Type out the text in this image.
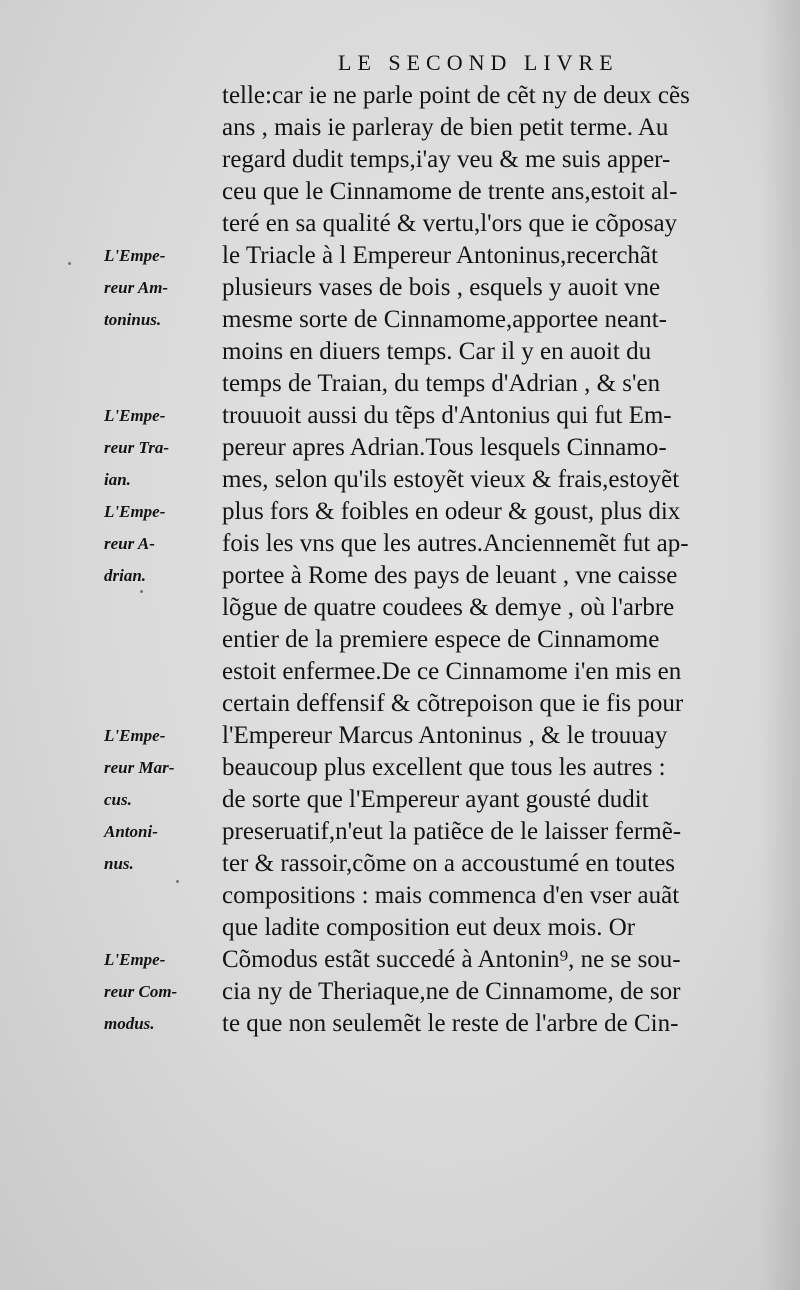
LE SECOND LIVRE
telle:car ie ne parle point de cẽt ny de deux cẽs
ans , mais ie parleray de bien petit terme. Au
regard dudit temps,i'ay veu & me suis apper-
ceu que le Cinnamome de trente ans,estoit al-
teré en sa qualité & vertu,l'ors que ie cõposay
le Triacle à l Empereur Antoninus,recerchãt
plusieurs vases de bois , esquels y auoit vne
mesme sorte de Cinnamome,apportee neant-
moins en diuers temps. Car il y en auoit du
temps de Traian, du temps d'Adrian , & s'en
trouuoit aussi du tẽps d'Antonius qui fut Em-
pereur apres Adrian.Tous lesquels Cinnamo-
mes, selon qu'ils estoyẽt vieux & frais,estoyẽt
plus fors & foibles en odeur & goust, plus dix
fois les vns que les autres.Anciennemẽt fut ap-
portee à Rome des pays de leuant , vne caisse
lõgue de quatre coudees & demye , où l'arbre
entier de la premiere espece de Cinnamome
estoit enfermee.De ce Cinnamome i'en mis en
certain deffensif & cõtrepoison que ie fis pour
l'Empereur Marcus Antoninus , & le trouuay
beaucoup plus excellent que tous les autres :
de sorte que l'Empereur ayant gousté dudit
preseruatif,n'eut la patiẽce de le laisser fermẽ-
ter & rassoir,cõme on a accoustumé en toutes
compositions : mais commenca d'en vser auãt
que ladite composition eut deux mois. Or
Cõmodus estãt succedé à Antonin⁹, ne se sou-
cia ny de Theriaque,ne de Cinnamome, de sor
te que non seulemẽt le reste de l'arbre de Cin-
L'Empe-
reur Am-
toninus.
L'Empe-
reur Tra-
ian.
L'Empe-
reur A-
drian.
L'Empe-
reur Mar-
cus.
Antoni-
nus.
L'Empe-
reur Com-
modus.
